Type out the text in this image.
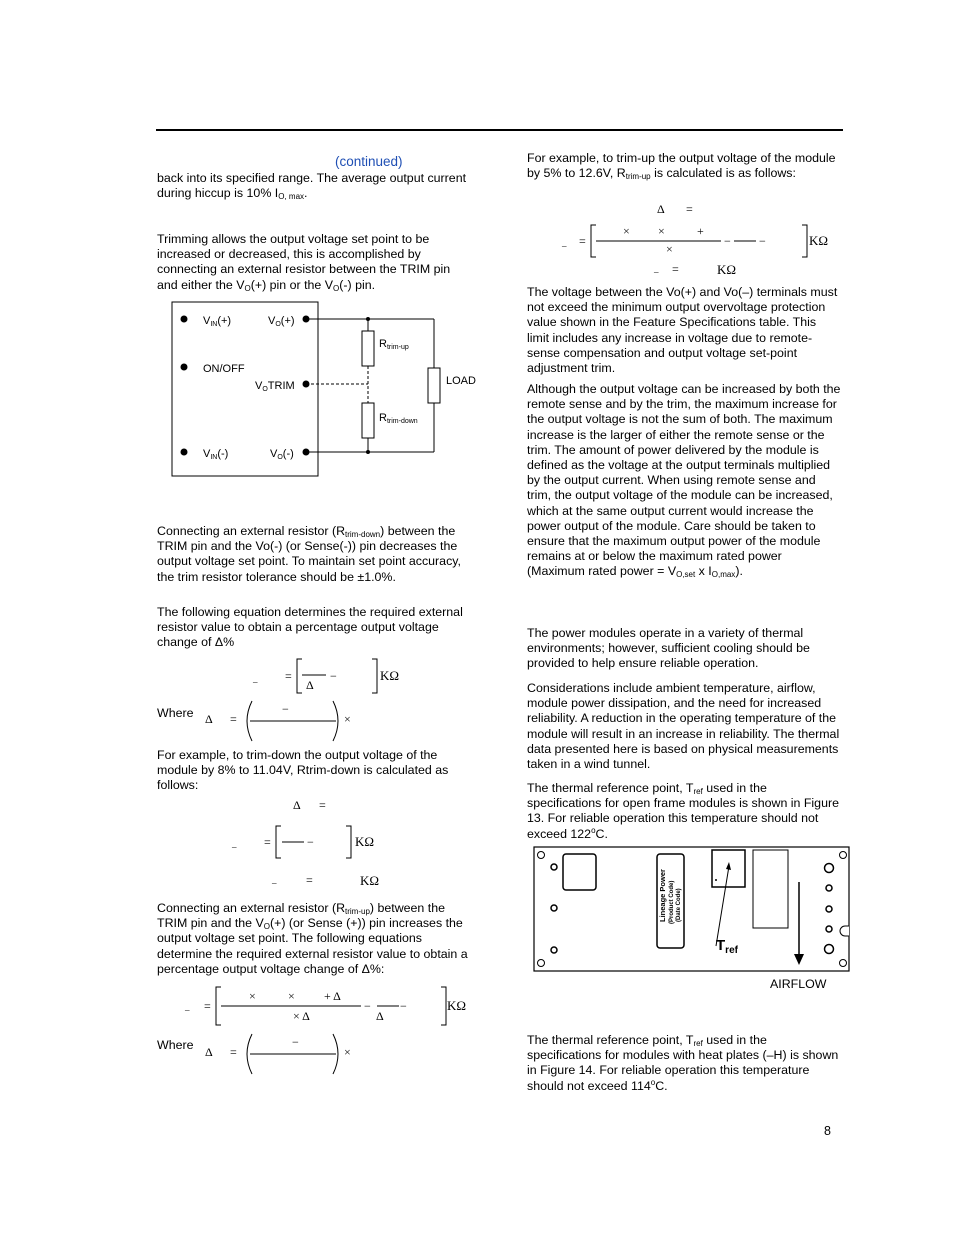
(continued)

back into its specified range. The average output current during hiccup is 10% $I_{O, max}$.

Trimming allows the output voltage set point to be increased or decreased, this is accomplished by connecting an external resistor between the TRIM pin and either the $V_O(+)$ pin or the $V_O(-)$ pin.

VIN(+)	VO(+)
ON/OFF
VOTRIM
VIN(-)	VO(-)
LOAD
Rtrim-up
Rtrim-down

Connecting an external resistor $(R_{trim-down})$ between the TRIM pin and the Vo(-) (or Sense(-)) pin decreases the output voltage set point. To maintain set point accuracy, the trim resistor tolerance should be ±1.0%.

The following equation determines the required external resistor value to obtain a percentage output voltage change of Δ%

_ =
Δ
−	KΩ
Where Δ =
−
×

For example, to trim-down the output voltage of the module by 8% to 11.04V, Rtrim-down is calculated as follows:

Δ =
_ =	−	KΩ
_ =	KΩ

Connecting an external resistor $(R_{trim-up})$ between the TRIM pin and the $V_O(+)$ (or Sense (+)) pin increases the output voltage set point. The following equations determine the required external resistor value to obtain a percentage output voltage change of Δ%:

_ =
×	× + Δ
× Δ
− −
Δ
KΩ
Where Δ =
−
×

For example, to trim-up the output voltage of the module by 5% to 12.6V, $R_{trim-up}$ is calculated is as follows:

Δ =
_ =
× ×	+
×
− −	KΩ
_ =	KΩ

The voltage between the Vo(+) and Vo(–) terminals must not exceed the minimum output overvoltage protection value shown in the Feature Specifications table. This limit includes any increase in voltage due to remote-sense compensation and output voltage set-point adjustment trim.

Although the output voltage can be increased by both the remote sense and by the trim, the maximum increase for the output voltage is not the sum of both. The maximum increase is the larger of either the remote sense or the trim. The amount of power delivered by the module is defined as the voltage at the output terminals multiplied by the output current. When using remote sense and trim, the output voltage of the module can be increased, which at the same output current would increase the power output of the module. Care should be taken to ensure that the maximum output power of the module remains at or below the maximum rated power (Maximum rated power = $V_{O,set}$ x $I_{O,max}$).

The power modules operate in a variety of thermal environments; however, sufficient cooling should be provided to help ensure reliable operation.

Considerations include ambient temperature, airflow, module power dissipation, and the need for increased reliability. A reduction in the operating temperature of the module will result in an increase in reliability. The thermal data presented here is based on physical measurements taken in a wind tunnel.

The thermal reference point, $T_{ref}$ used in the specifications for open frame modules is shown in Figure 13. For reliable operation this temperature should not exceed 122$^o$C.

Lineage Power (Product Code) (Date Code)
$T_{ref}$
AIRFLOW

The thermal reference point, $T_{ref}$ used in the specifications for modules with heat plates (–H) is shown in Figure 14. For reliable operation this temperature should not exceed 114$^o$C.

8
